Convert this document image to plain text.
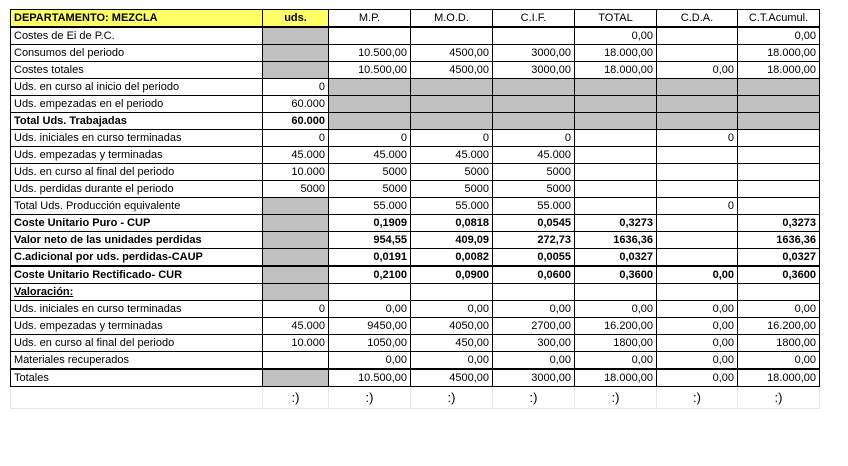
DEPARTAMENTO: MEZCLA	uds.	M.P.	M.O.D.	C.I.F.	TOTAL	C.D.A.	C.T.Acumul.
Costes de Ei de P.C.					0,00		0,00
Consumos del periodo		10.500,00	4500,00	3000,00	18.000,00		18.000,00
Costes totales		10.500,00	4500,00	3000,00	18.000,00	0,00	18.000,00
Uds. en curso al inicio del periodo	0						
Uds. empezadas en el periodo	60.000						
Total Uds. Trabajadas	60.000						
Uds. iniciales en curso terminadas	0	0	0	0		0	
Uds. empezadas y terminadas	45.000	45.000	45.000	45.000			
Uds. en curso al final del periodo	10.000	5000	5000	5000			
Uds. perdidas durante el periodo	5000	5000	5000	5000			
Total Uds. Producción equivalente		55.000	55.000	55.000		0	
Coste Unitario Puro - CUP		0,1909	0,0818	0,0545	0,3273		0,3273
Valor neto de las unidades perdidas		954,55	409,09	272,73	1636,36		1636,36
C.adicional por uds. perdidas-CAUP		0,0191	0,0082	0,0055	0,0327		0,0327
Coste Unitario Rectificado- CUR		0,2100	0,0900	0,0600	0,3600	0,00	0,3600
Valoración:							
Uds. iniciales en curso terminadas	0	0,00	0,00	0,00	0,00	0,00	0,00
Uds. empezadas y terminadas	45.000	9450,00	4050,00	2700,00	16.200,00	0,00	16.200,00
Uds. en curso al final del periodo	10.000	1050,00	450,00	300,00	1800,00	0,00	1800,00
Materiales recuperados		0,00	0,00	0,00	0,00	0,00	0,00
Totales		10.500,00	4500,00	3000,00	18.000,00	0,00	18.000,00
	:)	:)	:)	:)	:)	:)	:)
